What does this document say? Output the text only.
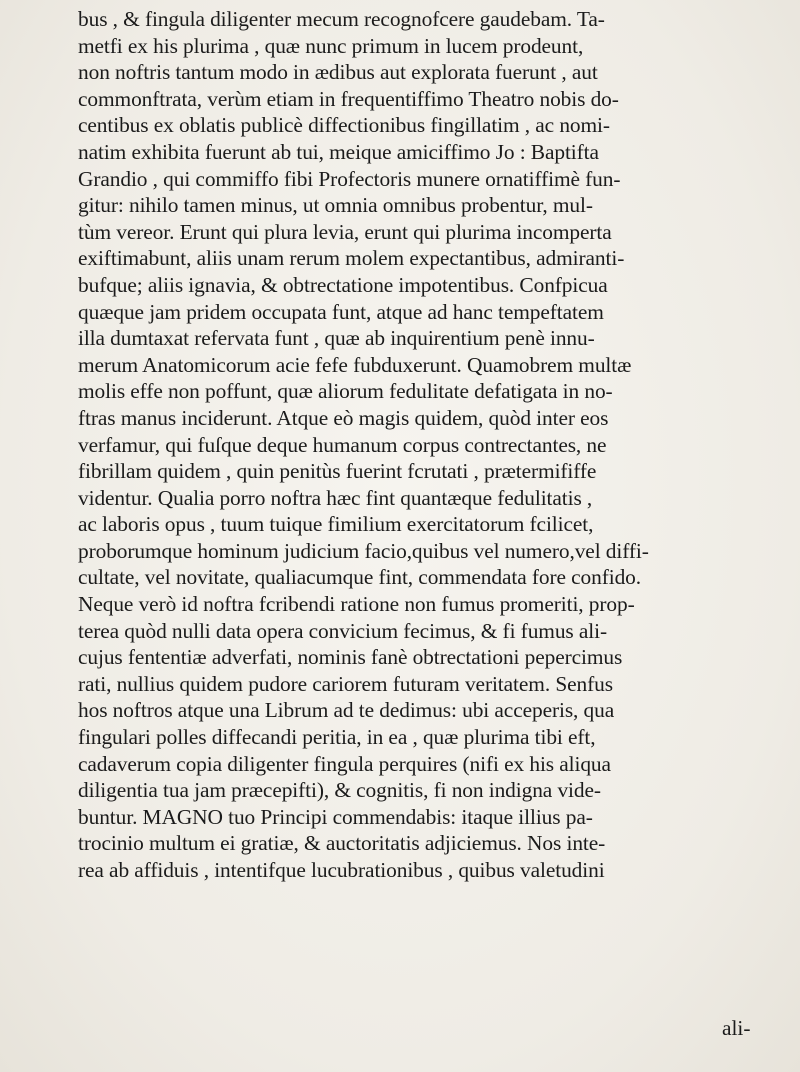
bus , & fingula diligenter mecum recognofcere gaudebam. Ta-
metfi ex his plurima , quæ nunc primum in lucem prodeunt,
non noftris tantum modo in ædibus aut explorata fuerunt , aut
commonftrata, verùm etiam in frequentiffimo Theatro nobis do-
centibus ex oblatis publicè diffectionibus fingillatim , ac nomi-
natim exhibita fuerunt ab tui, meique amiciffimo Jo : Baptifta
Grandio , qui commiffo fibi Profectoris munere ornatiffimè fun-
gitur: nihilo tamen minus, ut omnia omnibus probentur, mul-
tùm vereor. Erunt qui plura levia, erunt qui plurima incomperta
exiftimabunt, aliis unam rerum molem expectantibus, admiranti-
bufque; aliis ignavia, & obtrectatione impotentibus. Confpicua
quæque jam pridem occupata funt, atque ad hanc tempeftatem
illa dumtaxat refervata funt , quæ ab inquirentium penè innu-
merum Anatomicorum acie fefe fubduxerunt. Quamobrem multæ
molis effe non poffunt, quæ aliorum fedulitate defatigata in no-
ftras manus inciderunt. Atque eò magis quidem, quòd inter eos
verfamur, qui fuſque deque humanum corpus contrectantes, ne
fibrillam quidem , quin penitùs fuerint fcrutati , prætermififfe
videntur. Qualia porro noftra hæc fint quantæque fedulitatis ,
ac laboris opus , tuum tuique fimilium exercitatorum fcilicet,
proborumque hominum judicium facio,quibus vel numero,vel diffi-
cultate, vel novitate, qualiacumque fint, commendata fore confido.
Neque verò id noftra fcribendi ratione non fumus promeriti, prop-
terea quòd nulli data opera convicium fecimus, & fi fumus ali-
cujus fententiæ adverfati, nominis fanè obtrectationi pepercimus
rati, nullius quidem pudore cariorem futuram veritatem. Senfus
hos noftros atque una Librum ad te dedimus: ubi acceperis, qua
fingulari polles diffecandi peritia, in ea , quæ plurima tibi eft,
cadaverum copia diligenter fingula perquires (nifi ex his aliqua
diligentia tua jam præcepifti), & cognitis, fi non indigna vide-
buntur. MAGNO tuo Principi commendabis: itaque illius pa-
trocinio multum ei gratiæ, & auctoritatis adjiciemus. Nos inte-
rea ab affiduis , intentifque lucubrationibus , quibus valetudini
ali-
